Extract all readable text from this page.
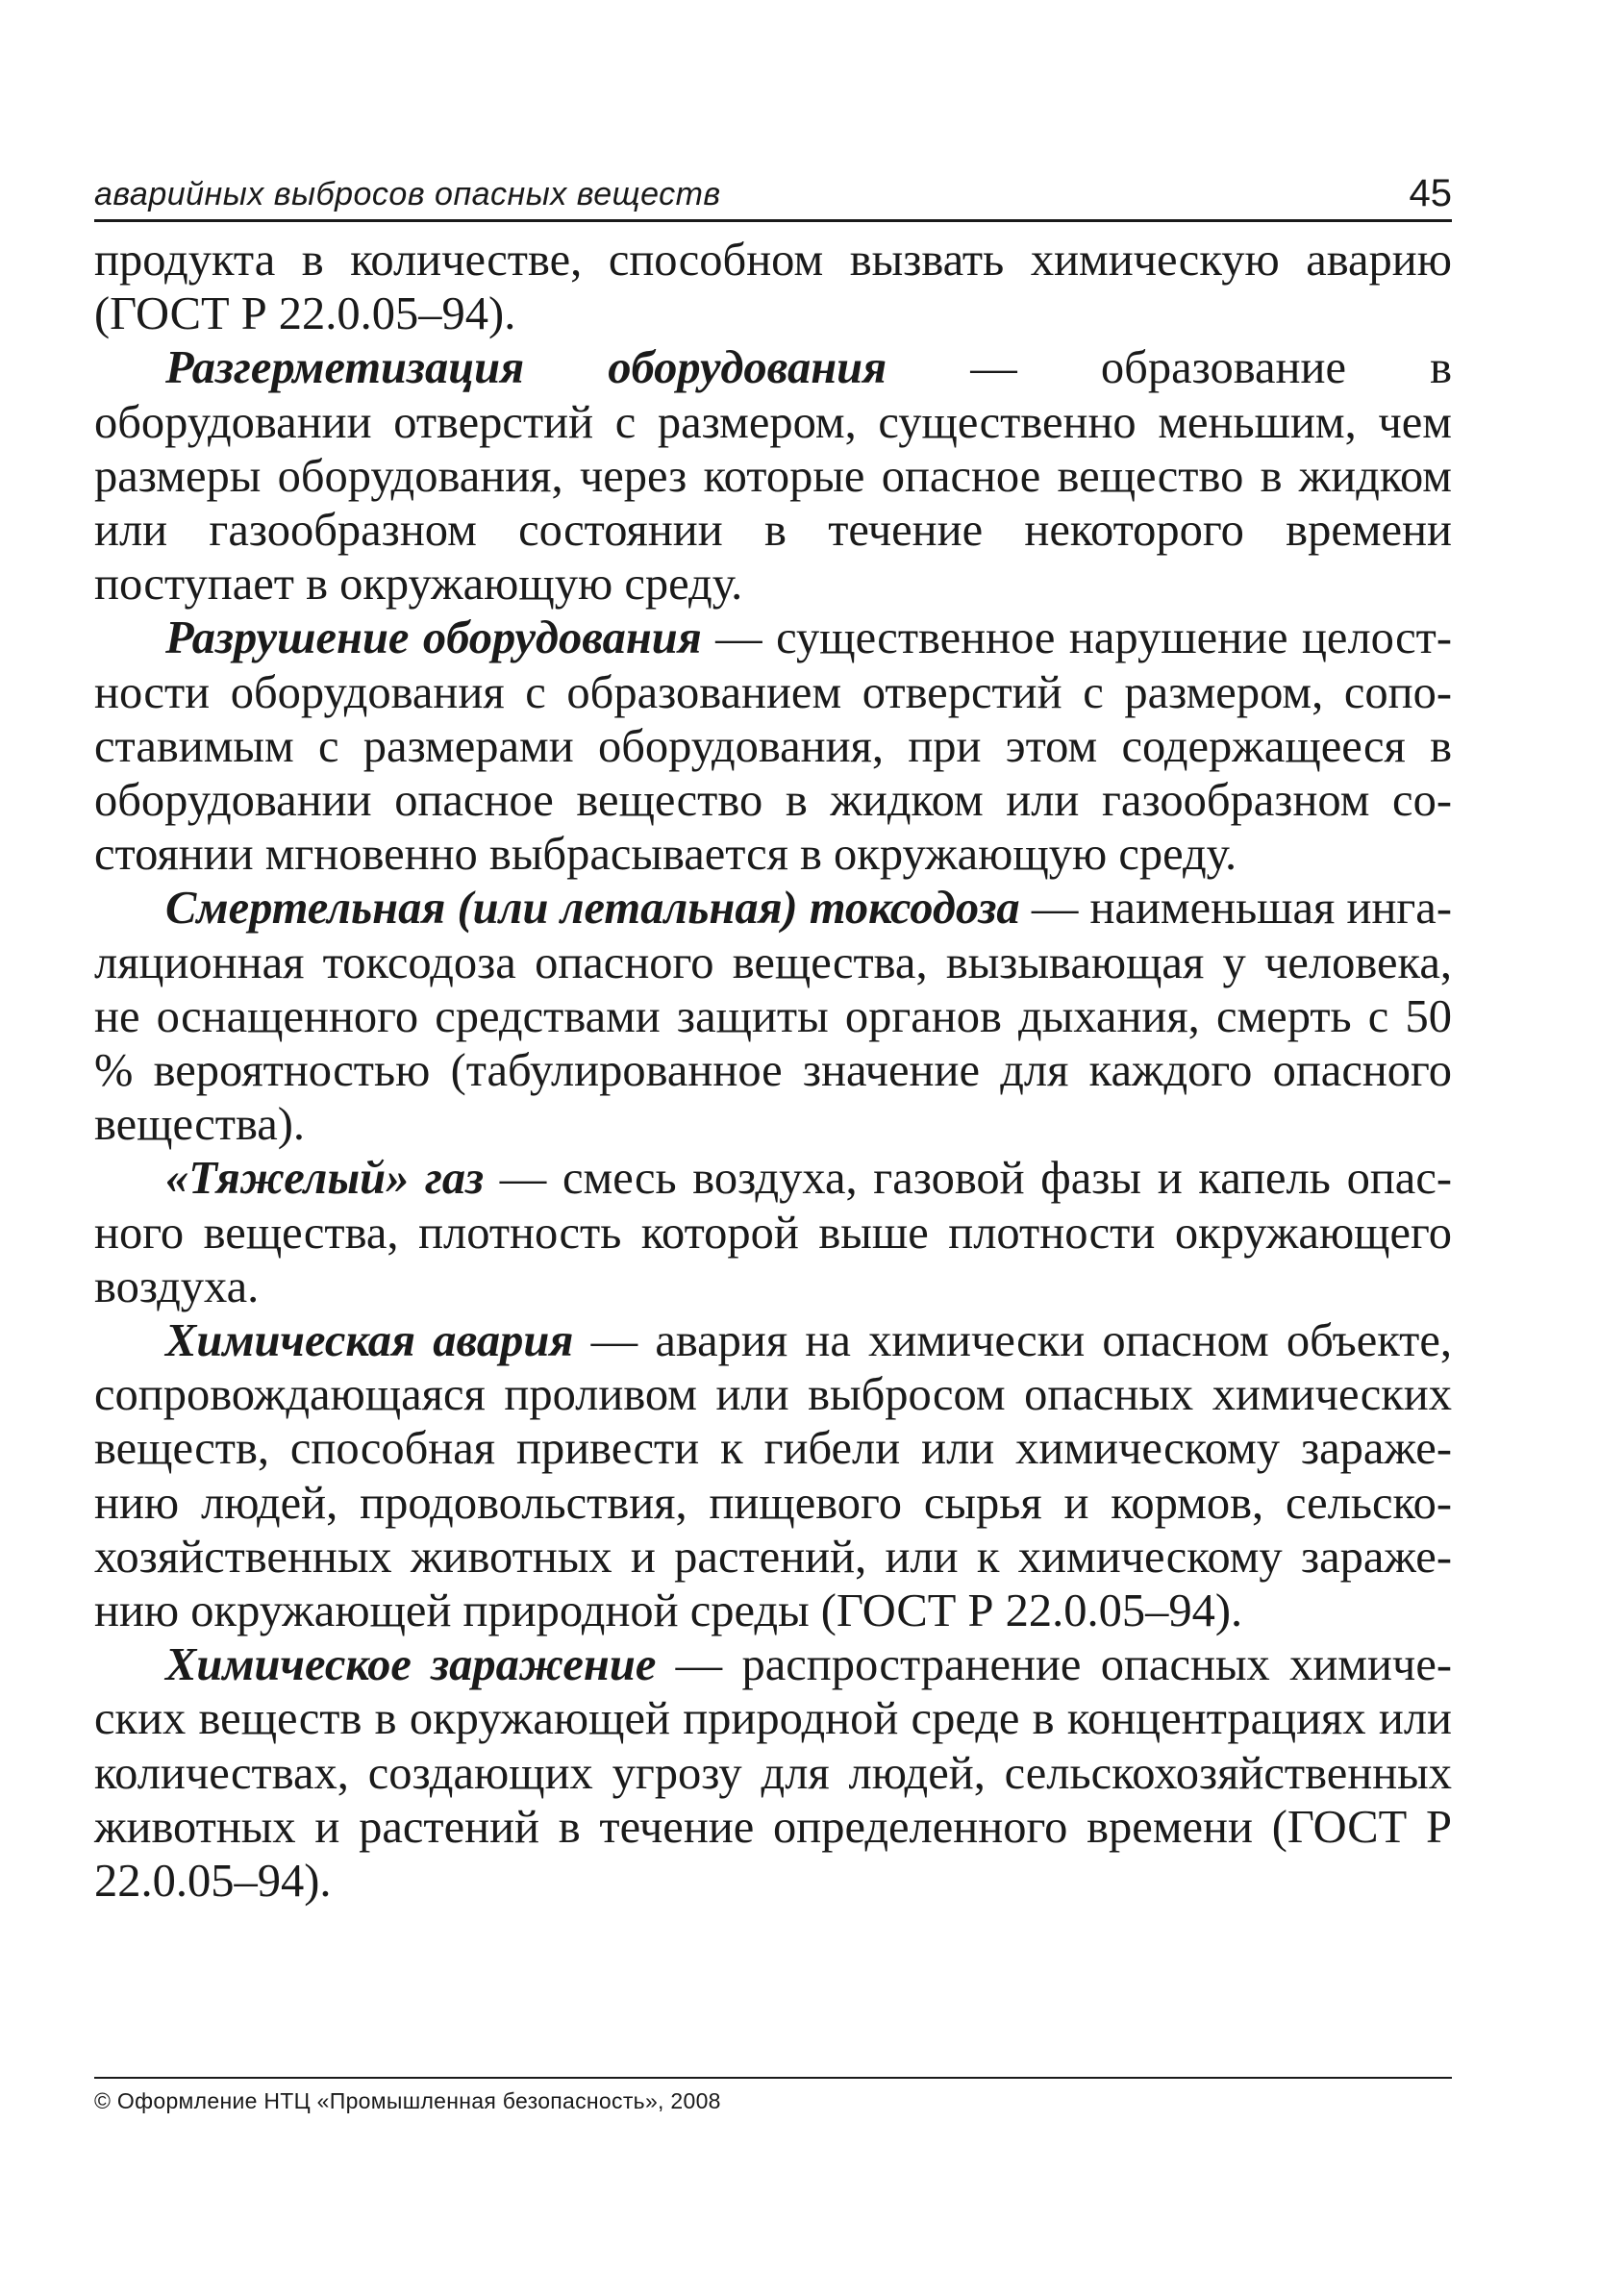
аварийных выбросов опасных веществ	45

продукта в количестве, способном вызвать химическую аварию (ГОСТ Р 22.0.05–94).

Разгерметизация оборудования — образование в оборудовании отверстий с размером, существенно меньшим, чем размеры оборудования, через которые опасное вещество в жидком или газообразном состоянии в течение некоторого времени поступает в окружающую среду.

Разрушение оборудования — существенное нарушение целостности оборудования с образованием отверстий с размером, сопоставимым с размерами оборудования, при этом содержащееся в оборудовании опасное вещество в жидком или газообразном состоянии мгновенно выбрасывается в окружающую среду.

Смертельная (или летальная) токсодоза — наименьшая ингаляционная токсодоза опасного вещества, вызывающая у человека, не оснащенного средствами защиты органов дыхания, смерть с 50 % вероятностью (табулированное значение для каждого опасного вещества).

«Тяжелый» газ — смесь воздуха, газовой фазы и капель опасного вещества, плотность которой выше плотности окружающего воздуха.

Химическая авария — авария на химически опасном объекте, сопровождающаяся проливом или выбросом опасных химических веществ, способная привести к гибели или химическому заражению людей, продовольствия, пищевого сырья и кормов, сельскохозяйственных животных и растений, или к химическому заражению окружающей природной среды (ГОСТ Р 22.0.05–94).

Химическое заражение — распространение опасных химических веществ в окружающей природной среде в концентрациях или количествах, создающих угрозу для людей, сельскохозяйственных животных и растений в течение определенного времени (ГОСТ Р 22.0.05–94).

© Оформление НТЦ «Промышленная безопасность», 2008
